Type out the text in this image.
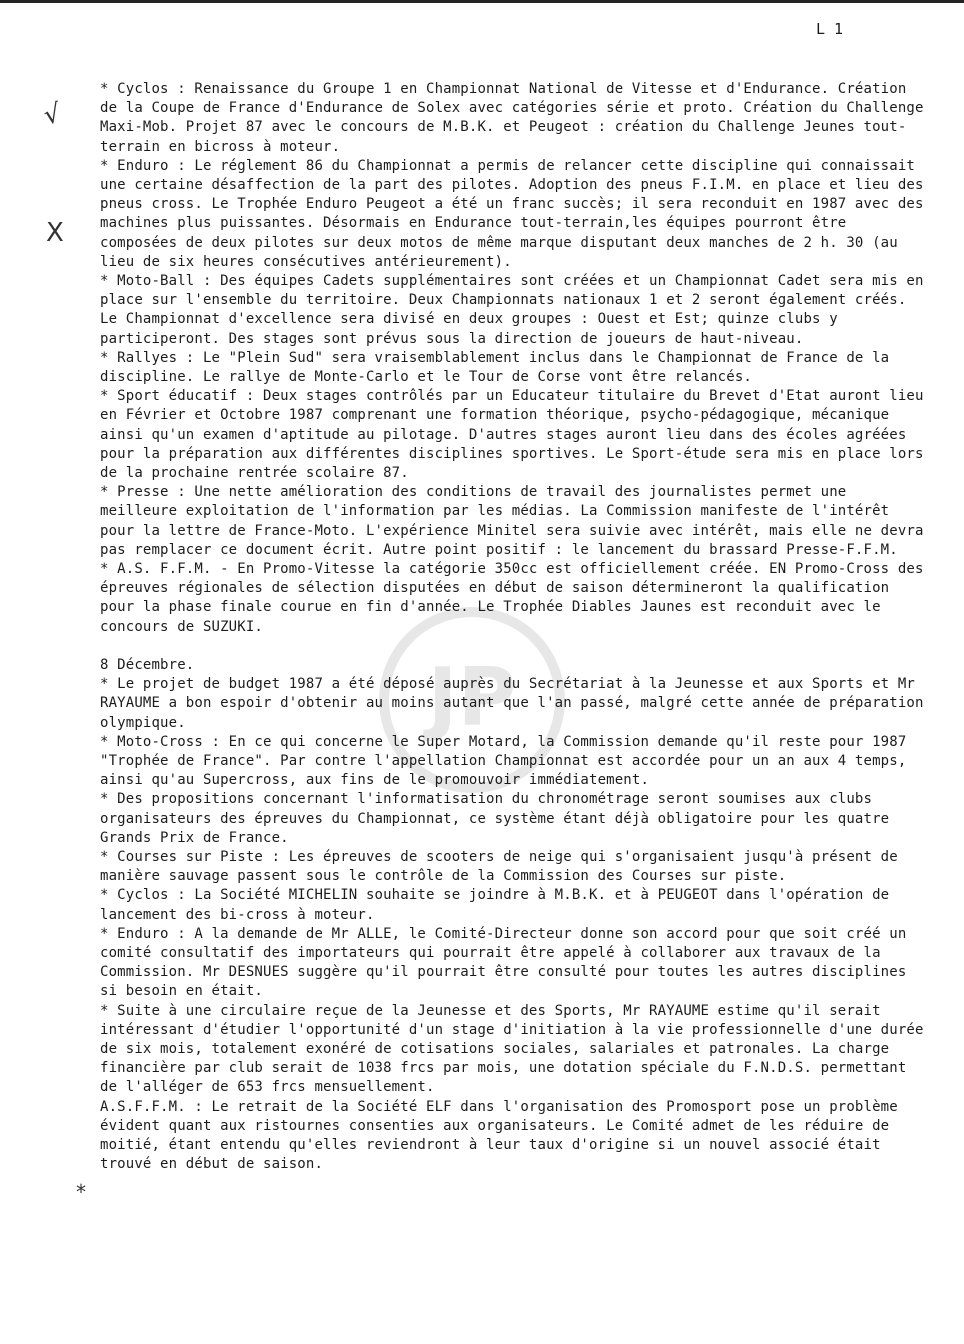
L 1
√
X
*
JP

* Cyclos : Renaissance du Groupe 1 en Championnat National de Vitesse et d'Endurance. Création de la Coupe de France d'Endurance de Solex avec catégories série et proto. Création du Challenge Maxi-Mob. Projet 87 avec le concours de M.B.K. et Peugeot : création du Challenge Jeunes tout-terrain en bicross à moteur.

* Enduro : Le réglement 86 du Championnat a permis de relancer cette discipline qui connaissait une certaine désaffection de la part des pilotes. Adoption des pneus F.I.M. en place et lieu des pneus cross. Le Trophée Enduro Peugeot a été un franc succès; il sera reconduit en 1987 avec des machines plus puissantes. Désormais en Endurance tout-terrain,les équipes pourront être composées de deux pilotes sur deux motos de même marque disputant deux manches de 2 h. 30 (au lieu de six heures consécutives antérieurement).

* Moto-Ball : Des équipes Cadets supplémentaires sont créées et un Championnat Cadet sera mis en place sur l'ensemble du territoire. Deux Championnats nationaux 1 et 2 seront également créés. Le Championnat d'excellence sera divisé en deux groupes : Ouest et Est; quinze clubs y participeront. Des stages sont prévus sous la direction de joueurs de haut-niveau.

* Rallyes : Le "Plein Sud" sera vraisemblablement inclus dans le Championnat de France de la discipline. Le rallye de Monte-Carlo et le Tour de Corse vont être relancés.

* Sport éducatif : Deux stages contrôlés par un Educateur titulaire du Brevet d'Etat auront lieu en Février et Octobre 1987 comprenant une formation théorique, psycho-pédagogique, mécanique ainsi qu'un examen d'aptitude au pilotage. D'autres stages auront lieu dans des écoles agréées pour la préparation aux différentes disciplines sportives. Le Sport-étude sera mis en place lors de la prochaine rentrée scolaire 87.

* Presse : Une nette amélioration des conditions de travail des journalistes permet une meilleure exploitation de l'information par les médias. La Commission manifeste de l'intérêt pour la lettre de France-Moto. L'expérience Minitel sera suivie avec intérêt, mais elle ne devra pas remplacer ce document écrit. Autre point positif : le lancement du brassard Presse-F.F.M.

* A.S. F.F.M. - En Promo-Vitesse la catégorie 350cc est officiellement créée. EN Promo-Cross des épreuves régionales de sélection disputées en début de saison détermineront la qualification pour la phase finale courue en fin d'année. Le Trophée Diables Jaunes est reconduit avec le concours de SUZUKI.

8 Décembre.

* Le projet de budget 1987 a été déposé auprès du Secrétariat à la Jeunesse et aux Sports et Mr RAYAUME a bon espoir d'obtenir au moins autant que l'an passé, malgré cette année de préparation olympique.

* Moto-Cross : En ce qui concerne le Super Motard, la Commission demande qu'il reste pour 1987 "Trophée de France". Par contre l'appellation Championnat est accordée pour un an aux 4 temps, ainsi qu'au Supercross, aux fins de le promouvoir immédiatement.

* Des propositions concernant l'informatisation du chronométrage seront soumises aux clubs organisateurs des épreuves du Championnat, ce système étant déjà obligatoire pour les quatre Grands Prix de France.

* Courses sur Piste : Les épreuves de scooters de neige qui s'organisaient jusqu'à présent de manière sauvage passent sous le contrôle de la Commission des Courses sur piste.

* Cyclos : La Société MICHELIN souhaite se joindre à M.B.K. et à PEUGEOT dans l'opération de lancement des bi-cross à moteur.

* Enduro : A la demande de Mr ALLE, le Comité-Directeur donne son accord pour que soit créé un comité consultatif des importateurs qui pourrait être appelé à collaborer aux travaux de la Commission. Mr DESNUES suggère qu'il pourrait être consulté pour toutes les autres disciplines si besoin en était.

* Suite à une circulaire reçue de la Jeunesse et des Sports, Mr RAYAUME estime qu'il serait intéressant d'étudier l'opportunité d'un stage d'initiation à la vie professionnelle d'une durée de six mois, totalement exonéré de cotisations sociales, salariales et patronales. La charge financière par club serait de 1038 frcs par mois, une dotation spéciale du F.N.D.S. permettant de l'alléger de 653 frcs mensuellement.

A.S.F.F.M. : Le retrait de la Société ELF dans l'organisation des Promosport pose un problème évident quant aux ristournes consenties aux organisateurs. Le Comité admet de les réduire de moitié, étant entendu qu'elles reviendront à leur taux d'origine si un nouvel associé était trouvé en début de saison.
